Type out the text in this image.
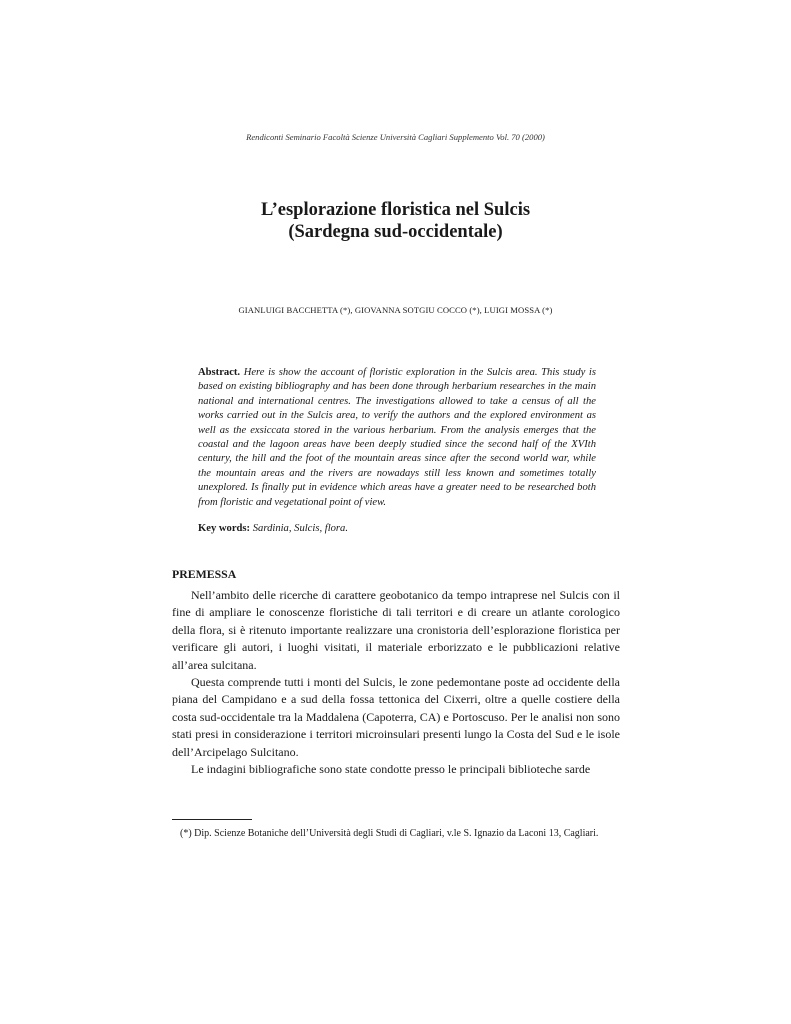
Rendiconti Seminario Facoltà Scienze Università Cagliari Supplemento Vol. 70 (2000)
L’esplorazione floristica nel Sulcis
(Sardegna sud-occidentale)
GIANLUIGI BACCHETTA (*), GIOVANNA SOTGIU COCCO (*), LUIGI MOSSA (*)
Abstract. Here is show the account of floristic exploration in the Sulcis area. This study is based on existing bibliography and has been done through herbarium researches in the main national and international centres. The investigations allowed to take a census of all the works carried out in the Sulcis area, to verify the authors and the explored environment as well as the exsiccata stored in the various herbarium. From the analysis emerges that the coastal and the lagoon areas have been deeply studied since the second half of the XVIth century, the hill and the foot of the mountain areas since after the second world war, while the mountain areas and the rivers are nowadays still less known and sometimes totally unexplored. Is finally put in evidence which areas have a greater need to be researched both from floristic and vegetational point of view.
Key words: Sardinia, Sulcis, flora.
PREMESSA

Nell’ambito delle ricerche di carattere geobotanico da tempo intraprese nel Sulcis con il fine di ampliare le conoscenze floristiche di tali territori e di creare un atlante corologico della flora, si è ritenuto importante realizzare una cronistoria dell’esplorazione floristica per verificare gli autori, i luoghi visitati, il materiale erborizzato e le pubblicazioni relative all’area sulcitana.

Questa comprende tutti i monti del Sulcis, le zone pedemontane poste ad occidente della piana del Campidano e a sud della fossa tettonica del Cixerri, oltre a quelle costiere della costa sud-occidentale tra la Maddalena (Capoterra, CA) e Portoscuso. Per le analisi non sono stati presi in considerazione i territori microinsulari presenti lungo la Costa del Sud e le isole dell’Arcipelago Sulcitano.

Le indagini bibliografiche sono state condotte presso le principali biblioteche sarde

(*) Dip. Scienze Botaniche dell’Università degli Studi di Cagliari, v.le S. Ignazio da Laconi 13, Cagliari.
